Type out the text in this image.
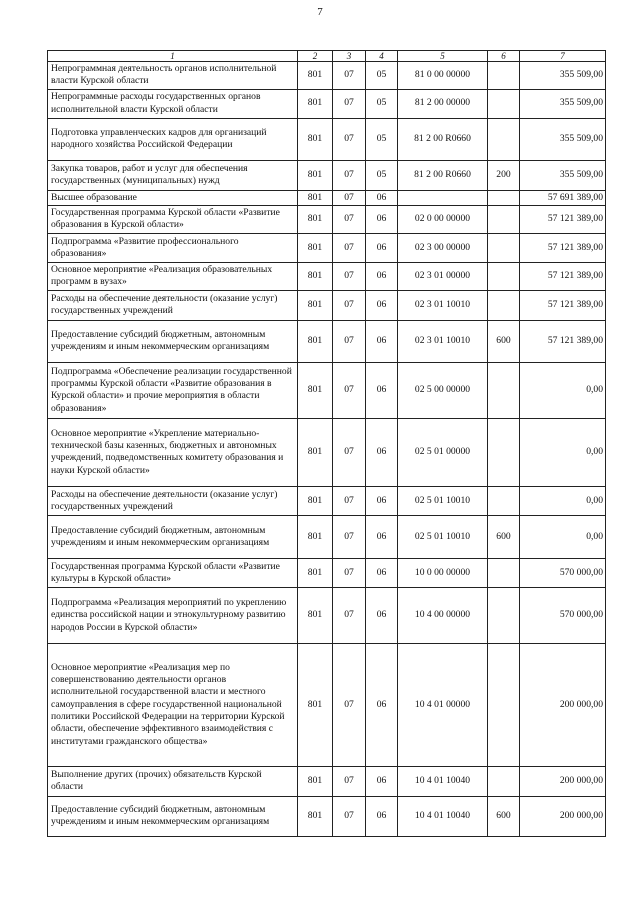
7
1	2	3	4	5	6	7
Непрограммная деятельность органов исполнительной власти Курской области	801	07	05	81 0 00 00000		355 509,00
Непрограммные расходы государственных органов исполнительной власти Курской области	801	07	05	81 2 00 00000		355 509,00
Подготовка управленческих кадров для организаций народного хозяйства Российской Федерации	801	07	05	81 2 00 R0660		355 509,00
Закупка товаров, работ и услуг для обеспечения государственных (муниципальных) нужд	801	07	05	81 2 00 R0660	200	355 509,00
Высшее образование	801	07	06			57 691 389,00
Государственная программа Курской области «Развитие образования в Курской области»	801	07	06	02 0 00 00000		57 121 389,00
Подпрограмма «Развитие профессионального образования»	801	07	06	02 3 00 00000		57 121 389,00
Основное мероприятие «Реализация образовательных программ в вузах»	801	07	06	02 3 01 00000		57 121 389,00
Расходы на обеспечение деятельности (оказание услуг) государственных учреждений	801	07	06	02 3 01 10010		57 121 389,00
Предоставление субсидий бюджетным, автономным учреждениям и иным некоммерческим организациям	801	07	06	02 3 01 10010	600	57 121 389,00
Подпрограмма «Обеспечение реализации государственной программы Курской области «Развитие образования в Курской области» и прочие мероприятия в области образования»	801	07	06	02 5 00 00000		0,00
Основное мероприятие «Укрепление материально-технической базы казенных, бюджетных и автономных учреждений, подведомственных комитету образования и науки Курской области»	801	07	06	02 5 01 00000		0,00
Расходы на обеспечение деятельности (оказание услуг) государственных учреждений	801	07	06	02 5 01 10010		0,00
Предоставление субсидий бюджетным, автономным учреждениям и иным некоммерческим организациям	801	07	06	02 5 01 10010	600	0,00
Государственная программа Курской области «Развитие культуры в Курской области»	801	07	06	10 0 00 00000		570 000,00
Подпрограмма «Реализация мероприятий по укреплению единства российской нации и этнокультурному развитию народов России в Курской области»	801	07	06	10 4 00 00000		570 000,00
Основное мероприятие «Реализация мер по совершенствованию деятельности органов исполнительной государственной власти и местного самоуправления в сфере государственной национальной политики Российской Федерации на территории Курской области, обеспечение эффективного взаимодействия с институтами гражданского общества»	801	07	06	10 4 01 00000		200 000,00
Выполнение других (прочих) обязательств Курской области	801	07	06	10 4 01 10040		200 000,00
Предоставление субсидий бюджетным, автономным учреждениям и иным некоммерческим организациям	801	07	06	10 4 01 10040	600	200 000,00
